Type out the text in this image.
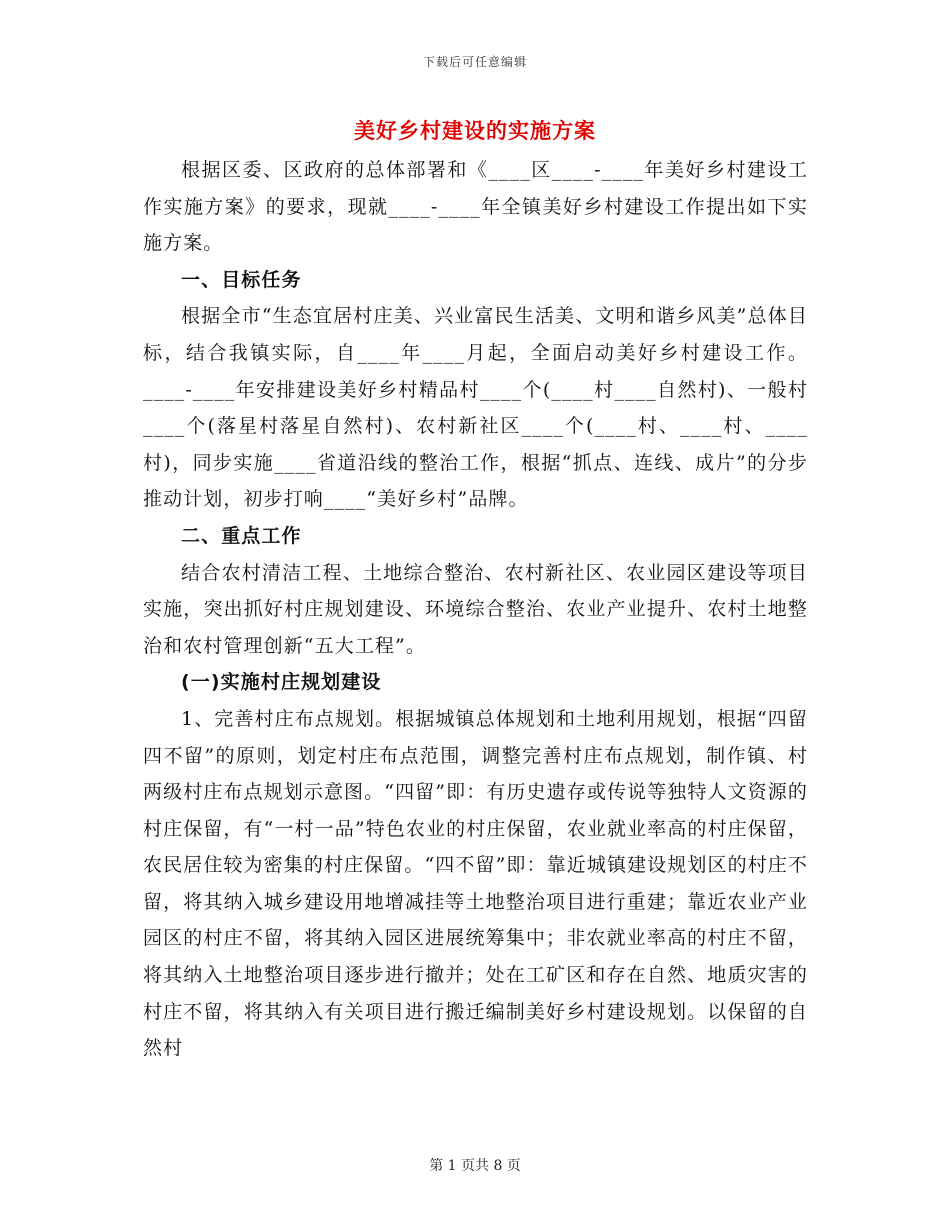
下载后可任意编辑
美好乡村建设的实施方案

根据区委、区政府的总体部署和《____区____-____年美好乡村建设工作实施方案》的要求，现就____-____年全镇美好乡村建设工作提出如下实施方案。

一、目标任务

根据全市“生态宜居村庄美、兴业富民生活美、文明和谐乡风美”总体目标，结合我镇实际，自____年____月起，全面启动美好乡村建设工作。____-____年安排建设美好乡村精品村____个(____村____自然村)、一般村____个(落星村落星自然村)、农村新社区____个(____村、____村、____村)，同步实施____省道沿线的整治工作，根据“抓点、连线、成片”的分步推动计划，初步打响____“美好乡村”品牌。

二、重点工作

结合农村清洁工程、土地综合整治、农村新社区、农业园区建设等项目实施，突出抓好村庄规划建设、环境综合整治、农业产业提升、农村土地整治和农村管理创新“五大工程”。

(一)实施村庄规划建设

1、完善村庄布点规划。根据城镇总体规划和土地利用规划，根据“四留四不留”的原则，划定村庄布点范围，调整完善村庄布点规划，制作镇、村两级村庄布点规划示意图。“四留”即：有历史遗存或传说等独特人文资源的村庄保留，有“一村一品”特色农业的村庄保留，农业就业率高的村庄保留，农民居住较为密集的村庄保留。“四不留”即：靠近城镇建设规划区的村庄不留，将其纳入城乡建设用地增减挂等土地整治项目进行重建；靠近农业产业园区的村庄不留，将其纳入园区进展统筹集中；非农就业率高的村庄不留，将其纳入土地整治项目逐步进行撤并；处在工矿区和存在自然、地质灾害的村庄不留，将其纳入有关项目进行搬迁编制美好乡村建设规划。以保留的自然村

第 1 页共 8 页
